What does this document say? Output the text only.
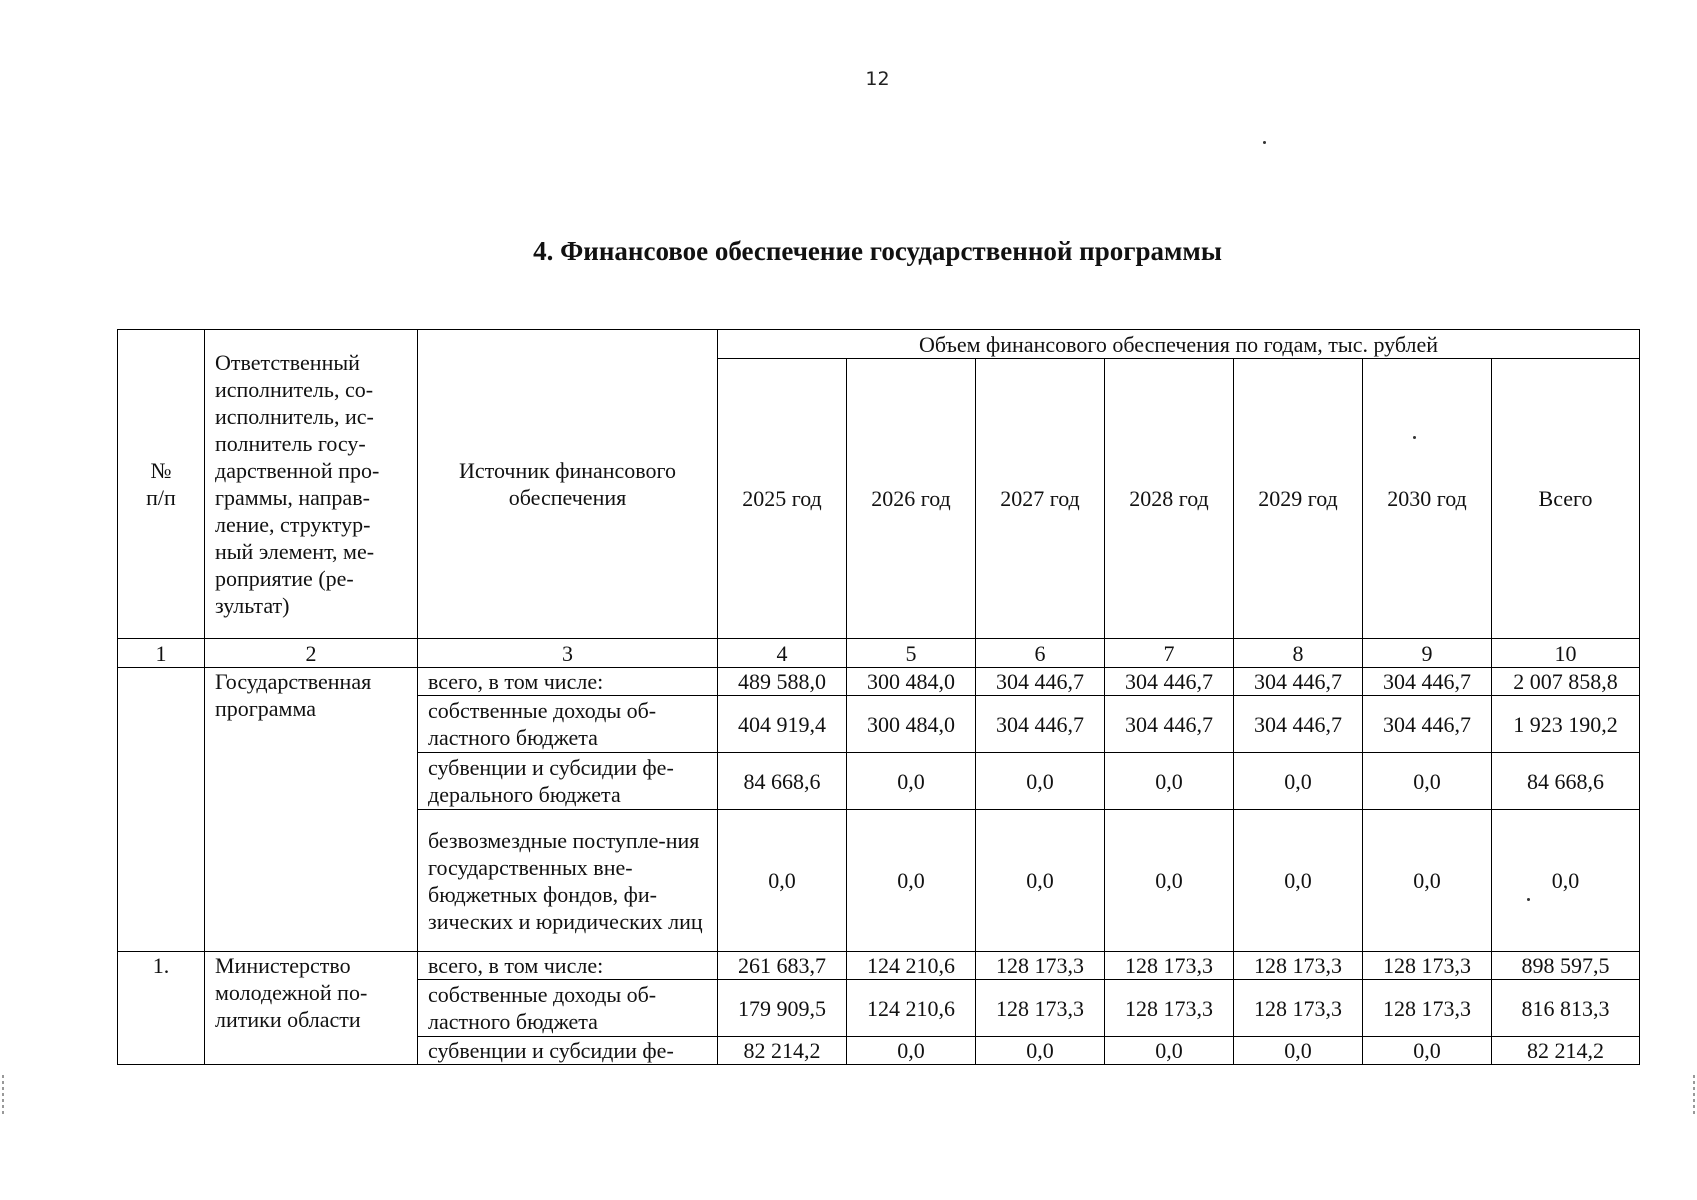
12
4. Финансовое обеспечение государственной программы
№ п/п	Ответственный исполнитель, со-исполнитель, ис-полнитель госу-дарственной про-граммы, направ-ление, структур-ный элемент, ме-роприятие (ре-зультат)	Источник финансового обеспечения	Объем финансового обеспечения по годам, тыс. рублей						
			2025 год	2026 год	2027 год	2028 год	2029 год	2030 год	Всего
1	2	3	4	5	6	7	8	9	10
	Государственная программа	всего, в том числе:	489 588,0	300 484,0	304 446,7	304 446,7	304 446,7	304 446,7	2 007 858,8
		собственные доходы об-ластного бюджета	404 919,4	300 484,0	304 446,7	304 446,7	304 446,7	304 446,7	1 923 190,2
		субвенции и субсидии фе-дерального бюджета	84 668,6	0,0	0,0	0,0	0,0	0,0	84 668,6
		безвозмездные поступле-ния государственных вне-бюджетных фондов, фи-зических и юридических лиц	0,0	0,0	0,0	0,0	0,0	0,0	0,0
1.	Министерство молодежной по-литики области	всего, в том числе:	261 683,7	124 210,6	128 173,3	128 173,3	128 173,3	128 173,3	898 597,5
		собственные доходы об-ластного бюджета	179 909,5	124 210,6	128 173,3	128 173,3	128 173,3	128 173,3	816 813,3
		субвенции и субсидии фе-	82 214,2	0,0	0,0	0,0	0,0	0,0	82 214,2
